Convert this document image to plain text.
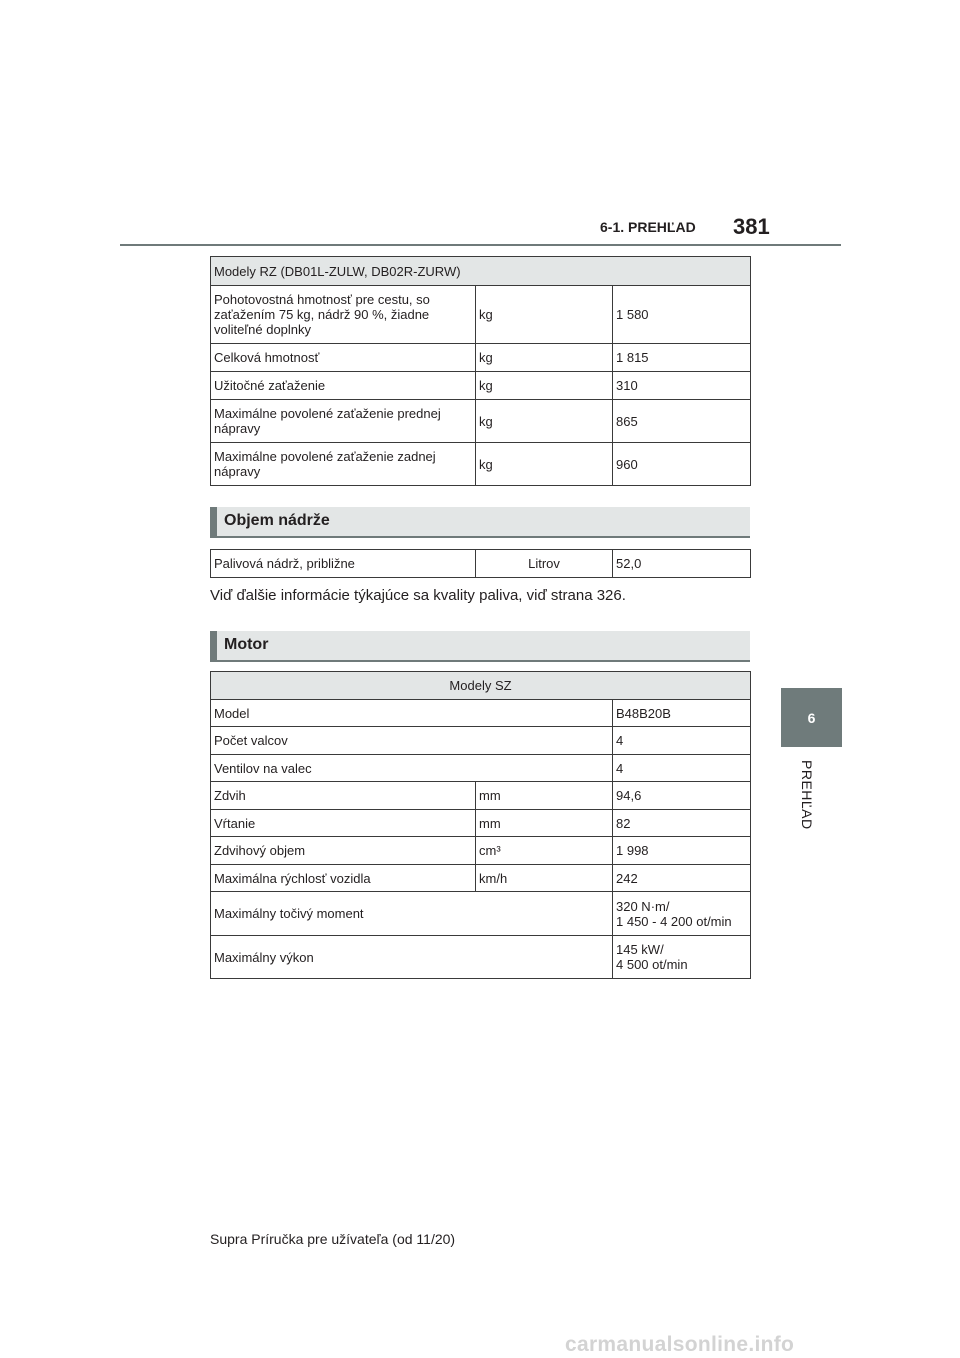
6-1. PREHĽAD 381
6
PREHĽAD
Modely RZ (DB01L-ZULW, DB02R-ZURW)		
Pohotovostná hmotnosť pre cestu, so zaťažením 75 kg, nádrž 90 %, žiadne voliteľné doplnky	kg	1 580
Celková hmotnosť	kg	1 815
Užitočné zaťaženie	kg	310
Maximálne povolené zaťaženie prednej nápravy	kg	865
Maximálne povolené zaťaženie zadnej nápravy	kg	960
Objem nádrže
Palivová nádrž, približne	Litrov	52,0
Viď ďalšie informácie týkajúce sa kvality paliva, viď strana 326.
Motor
Modely SZ		
Model		B48B20B
Počet valcov		4
Ventilov na valec		4
Zdvih	mm	94,6
Vŕtanie	mm	82
Zdvihový objem	cm³	1 998
Maximálna rýchlosť vozidla	km/h	242
Maximálny točivý moment		320 N·m/
1 450 - 4 200 ot/min

Maximálny výkon		145 kW/
4 500 ot/min
Supra Príručka pre užívateľa (od 11/20)
carmanualsonline.info
